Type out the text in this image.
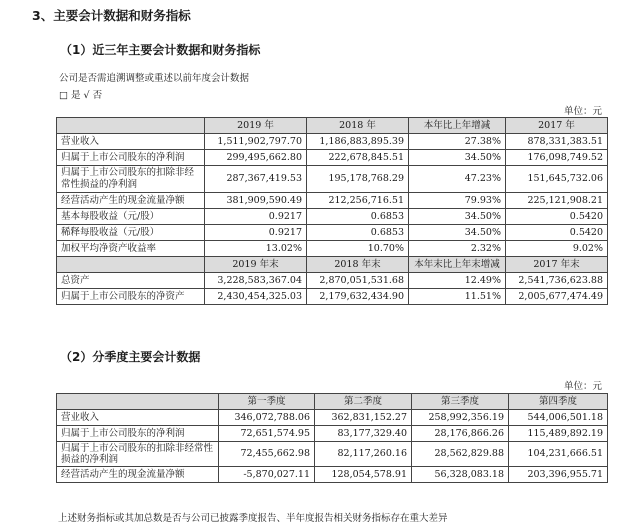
3、主要会计数据和财务指标
（1）近三年主要会计数据和财务指标
公司是否需追溯调整或重述以前年度会计数据
□ 是 √ 否
单位：元
	2019 年	2018 年	本年比上年增减	2017 年
营业收入	1,511,902,797.70	1,186,883,895.39	27.38%	878,331,383.51
归属于上市公司股东的净利润	299,495,662.80	222,678,845.51	34.50%	176,098,749.52
归属于上市公司股东的扣除非经常性损益的净利润	287,367,419.53	195,178,768.29	47.23%	151,645,732.06
经营活动产生的现金流量净额	381,909,590.49	212,256,716.51	79.93%	225,121,908.21
基本每股收益（元/股）	0.9217	0.6853	34.50%	0.5420
稀释每股收益（元/股）	0.9217	0.6853	34.50%	0.5420
加权平均净资产收益率	13.02%	10.70%	2.32%	9.02%
	2019 年末	2018 年末	本年末比上年末增减	2017 年末
总资产	3,228,583,367.04	2,870,051,531.68	12.49%	2,541,736,623.88
归属于上市公司股东的净资产	2,430,454,325.03	2,179,632,434.90	11.51%	2,005,677,474.49
（2）分季度主要会计数据
单位：元
	第一季度	第二季度	第三季度	第四季度
营业收入	346,072,788.06	362,831,152.27	258,992,356.19	544,006,501.18
归属于上市公司股东的净利润	72,651,574.95	83,177,329.40	28,176,866.26	115,489,892.19
归属于上市公司股东的扣除非经常性损益的净利润	72,455,662.98	82,117,260.16	28,562,829.88	104,231,666.51
经营活动产生的现金流量净额	-5,870,027.11	128,054,578.91	56,328,083.18	203,396,955.71
上述财务指标或其加总数是否与公司已披露季度报告、半年度报告相关财务指标存在重大差异
